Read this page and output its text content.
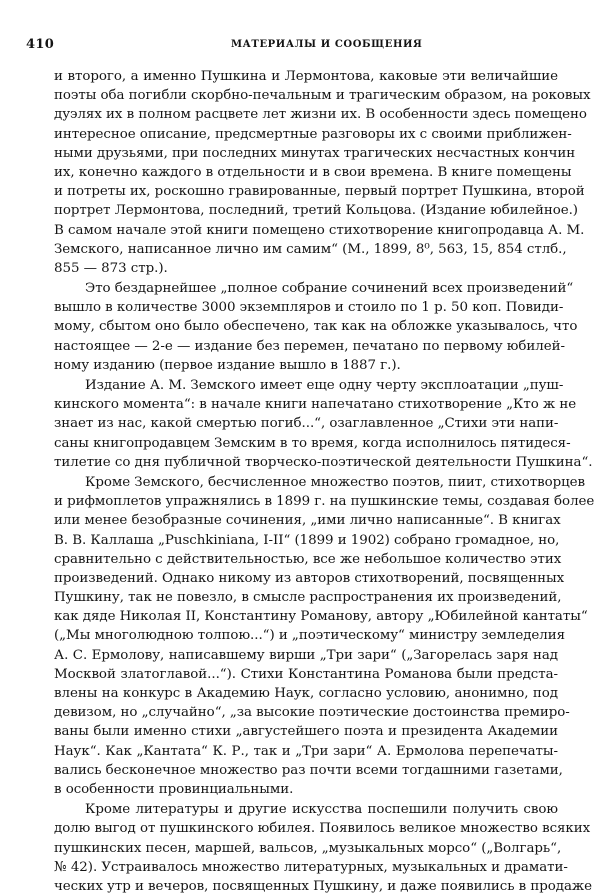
410	МАТЕРИАЛЫ И СООБЩЕНИЯ
и второго, а именно Пушкина и Лермонтова, каковые эти величайшие
поэты оба погибли скорбно-печальным и трагическим образом, на роковых
дуэлях их в полном расцвете лет жизни их. В особенности здесь помещено
интересное описание, предсмертные разговоры их с своими приближен-
ными друзьями, при последних минутах трагических несчастных кончин
их, конечно каждого в отдельности и в свои времена. В книге помещены
и потреты их, роскошно гравированные, первый портрет Пушкина, второй
портрет Лермонтова, последний, третий Кольцова. (Издание юбилейное.)
В самом начале этой книги помещено стихотворение книгопродавца А. М.
Земского, написанное лично им самим“ (М., 1899, 8⁰, 563, 15, 854 стлб.,
855 — 873 стр.).
Это бездарнейшее „полное собрание сочинений всех произведений“
вышло в количестве 3000 экземпляров и стоило по 1 р. 50 коп. Повиди-
мому, сбытом оно было обеспечено, так как на обложке указывалось, что
настоящее — 2-е — издание без перемен, печатано по первому юбилей-
ному изданию (первое издание вышло в 1887 г.).
Издание А. М. Земского имеет еще одну черту эксплоатации „пуш-
кинского момента“: в начале книги напечатано стихотворение „Кто ж не
знает из нас, какой смертью погиб...“, озаглавленное „Стихи эти напи-
саны книгопродавцем Земским в то время, когда исполнилось пятидеся-
тилетие со дня публичной творческо-поэтической деятельности Пушкина“.
Кроме Земского, бесчисленное множество поэтов, пиит, стихотворцев
и рифмоплетов упражнялись в 1899 г. на пушкинские темы, создавая более
или менее безобразные сочинения, „ими лично написанные“. В книгах
В. В. Каллаша „Puschkiniana, I-II“ (1899 и 1902) собрано громадное, но,
сравнительно с действительностью, все же небольшое количество этих
произведений. Однако никому из авторов стихотворений, посвященных
Пушкину, так не повезло, в смысле распространения их произведений,
как дяде Николая II, Константину Романову, автору „Юбилейной кантаты“
(„Мы многолюдною толпою...“) и „поэтическому“ министру земледелия
А. С. Ермолову, написавшему вирши „Три зари“ („Загорелась заря над
Москвой златоглавой...“). Стихи Константина Романова были предста-
влены на конкурс в Академию Наук, согласно условию, анонимно, под
девизом, но „случайно“, „за высокие поэтические достоинства премиро-
ваны были именно стихи „августейшего поэта и президента Академии
Наук“. Как „Кантата“ К. Р., так и „Три зари“ А. Ермолова перепечаты-
вались бесконечное множество раз почти всеми тогдашними газетами,
в особенности провинциальными.
Кроме литературы и другие искусства поспешили получить свою
долю выгод от пушкинского юбилея. Появилось великое множество всяких
пушкинских песен, маршей, вальсов, „музыкальных морсо“ („Волгарь“,
№ 42). Устраивалось множество литературных, музыкальных и драмати-
ческих утр и вечеров, посвященных Пушкину, и даже появились в продаже
